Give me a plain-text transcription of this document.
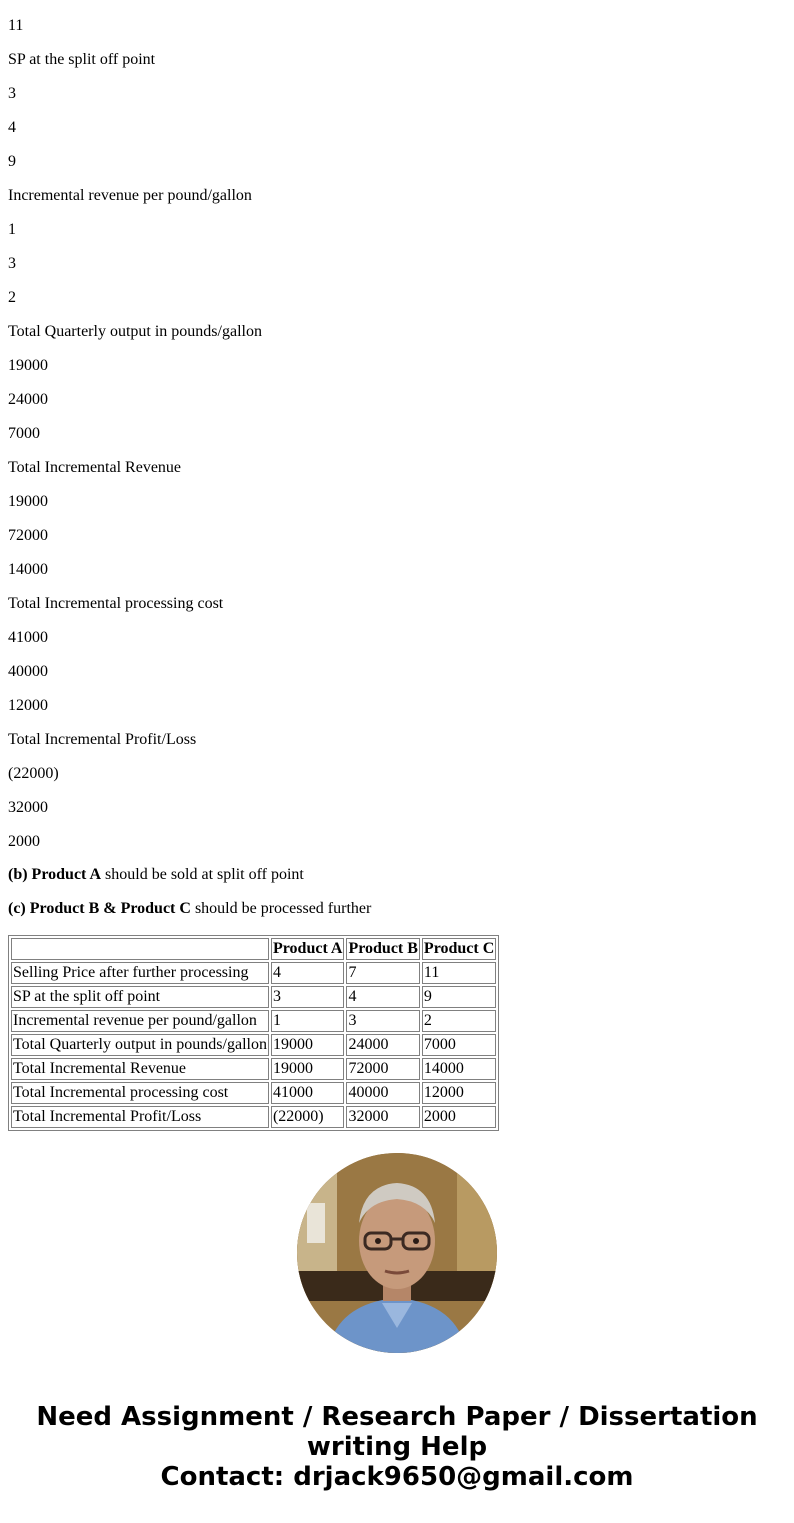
11

SP at the split off point

3

4

9

Incremental revenue per pound/gallon

1

3

2

Total Quarterly output in pounds/gallon

19000

24000

7000

Total Incremental Revenue

19000

72000

14000

Total Incremental processing cost

41000

40000

12000

Total Incremental Profit/Loss

(22000)

32000

2000

(b) Product A should be sold at split off point

(c) Product B & Product C should be processed further

	Product A	Product B	Product C
Selling Price after further processing	4	7	11
SP at the split off point	3	4	9
Incremental revenue per pound/gallon	1	3	2
Total Quarterly output in pounds/gallon	19000	24000	7000
Total Incremental Revenue	19000	72000	14000
Total Incremental processing cost	41000	40000	12000
Total Incremental Profit/Loss	(22000)	32000	2000
Need Assignment / Research Paper / Dissertation
writing Help
Contact: drjack9650@gmail.com
